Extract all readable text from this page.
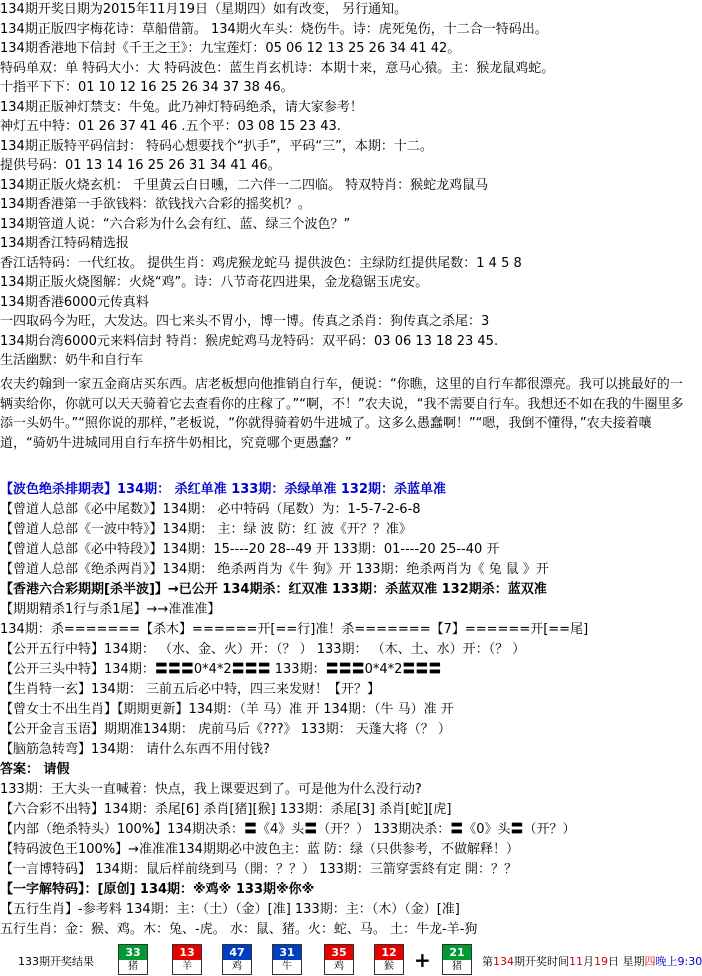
134期开奖日期为2015年11月19日（星期四）如有改变， 另行通知。
134期正版四字梅花诗：草船借箭。 134期火车头：烧伤牛。诗：虎死兔伤，十二合一特码出。
134期香港地下信封《千王之王》：九宝莲灯：05 06 12 13 25 26 34 41 42。
特码单双：单 特码大小：大 特码波色：蓝生肖玄机诗：本期十来，意马心猿。主：猴龙鼠鸡蛇。
十指平下下：01 10 12 16 25 26 34 37 38 46。
134期正版神灯禁支：牛兔。此乃神灯特码绝杀，请大家参考！
神灯五中特：01 26 37 41 46 .五个平：03 08 15 23 43.
134期正版特平码信封： 特码心想要找个“扒手”，平码“三”，本期：十二。
提供号码：01 13 14 16 25 26 31 34 41 46。
134期正版火烧玄机： 千里黄云白日曛，二六伴一二四临。 特双特肖：猴蛇龙鸡鼠马
134期香港第一手欲钱料：欲钱找六合彩的摇奖机？。
134期管道人说：“六合彩为什么会有红、蓝、绿三个波色？”
134期香江特码精选报
香江话特码：一代红妆。 提供生肖：鸡虎猴龙蛇马 提供波色：主绿防红提供尾数：1 4 5 8
134期正版火烧图解：火烧“鸡”。诗：八节奇花四进果，金龙稳锯玉虎安。
134期香港6000元传真料
一四取码今为旺，大发达。四七来头不胃小，博一博。传真之杀肖：狗传真之杀尾：3
134期台湾6000元来料信封 特肖：猴虎蛇鸡马龙特码：双平码：03 06 13 18 23 45.
生活幽默：奶牛和自行车
农夫约翰到一家五金商店买东西。店老板想向他推销自行车，便说：“你瞧，这里的自行车都很漂亮。我可以挑最好的一辆卖给你，你就可以天天骑着它去查看你的庄稼了。”“啊，不！”农夫说，“我不需要自行车。我想还不如在我的牛圈里多添一头奶牛。”“照你说的那样，”老板说，“你就得骑着奶牛进城了。这多么愚蠢啊！”“嗯，我倒不懂得，”农夫接着嚷道，“骑奶牛进城同用自行车挤牛奶相比，究竟哪个更愚蠢？”
【波色绝杀排期表】134期： 杀红单准 133期：杀绿单准 132期：杀蓝单准
【曾道人总部《必中尾数》】134期： 必中特码（尾数）为：1-5-7-2-6-8
【曾道人总部《一波中特》】134期： 主：绿 波 防：红 波《开？？准》
【曾道人总部《必中特段》】134期：15----20 28--49 开 133期：01----20 25--40 开
【曾道人总部《绝杀两肖》】134期： 绝杀两肖为《牛 狗》开 133期：绝杀两肖为《 兔 鼠 》开
【香港六合彩期期[杀半波]】→已公开 134期杀：红双准 133期：杀蓝双准 132期杀：蓝双准
【期期精杀1行与杀1尾】→→准准准】
134期：杀=======【杀木】======开[==行]准！杀=======【7】======开[==尾]
【公开五行中特】134期： （水、金、火）开：（？ ） 133期： （木、土、水）开：（？ ）
【公开三头中特】134期：〓〓〓0*4*2〓〓〓 133期：〓〓〓0*4*2〓〓〓
【生肖特一玄】134期： 三前五后必中特，四三来发财！【开？】
【曾女士不出生肖】【期期更新】134期：（羊 马）准 开 134期：（牛 马）准 开
【公开金言玉语】期期准134期： 虎前马后《???》 133期： 天蓬大将（？ ）
【脑筋急转弯】134期： 请什么东西不用付钱?
答案： 请假
133期：王大头一直喊着：快点，我上课要迟到了。可是他为什么没行动?
【六合彩不出特】134期：杀尾[6] 杀肖[猪][猴] 133期：杀尾[3] 杀肖[蛇][虎]
【内部（绝杀特头）100%】134期决杀：〓《4》头〓（开？） 133期决杀：〓《0》头〓（开？）
【特码波色王100%】→准准准134期期必中波色主：蓝 防：绿（只供参考，不做解释！）
【一言博特码】 134期：鼠后样前绕到马（開：？？） 133期：三箭穿雲終有定 開：？？
【一字解特码】：[原创] 134期：※鸡※ 133期※你※
【五行生肖】-参考料 134期：主：（土）（金）[准] 133期：主：（木）（金）[准]
五行生肖：金：猴、鸡。木：兔、-虎。 水：鼠、猪。火：蛇、马。 土：牛龙-羊-狗
133期开奖结果
33
猪
13
羊
47
鸡
31
牛
35
鸡
12
猴	+	21
猪	第134期开奖时间11月19日 星期四晚上9:30
